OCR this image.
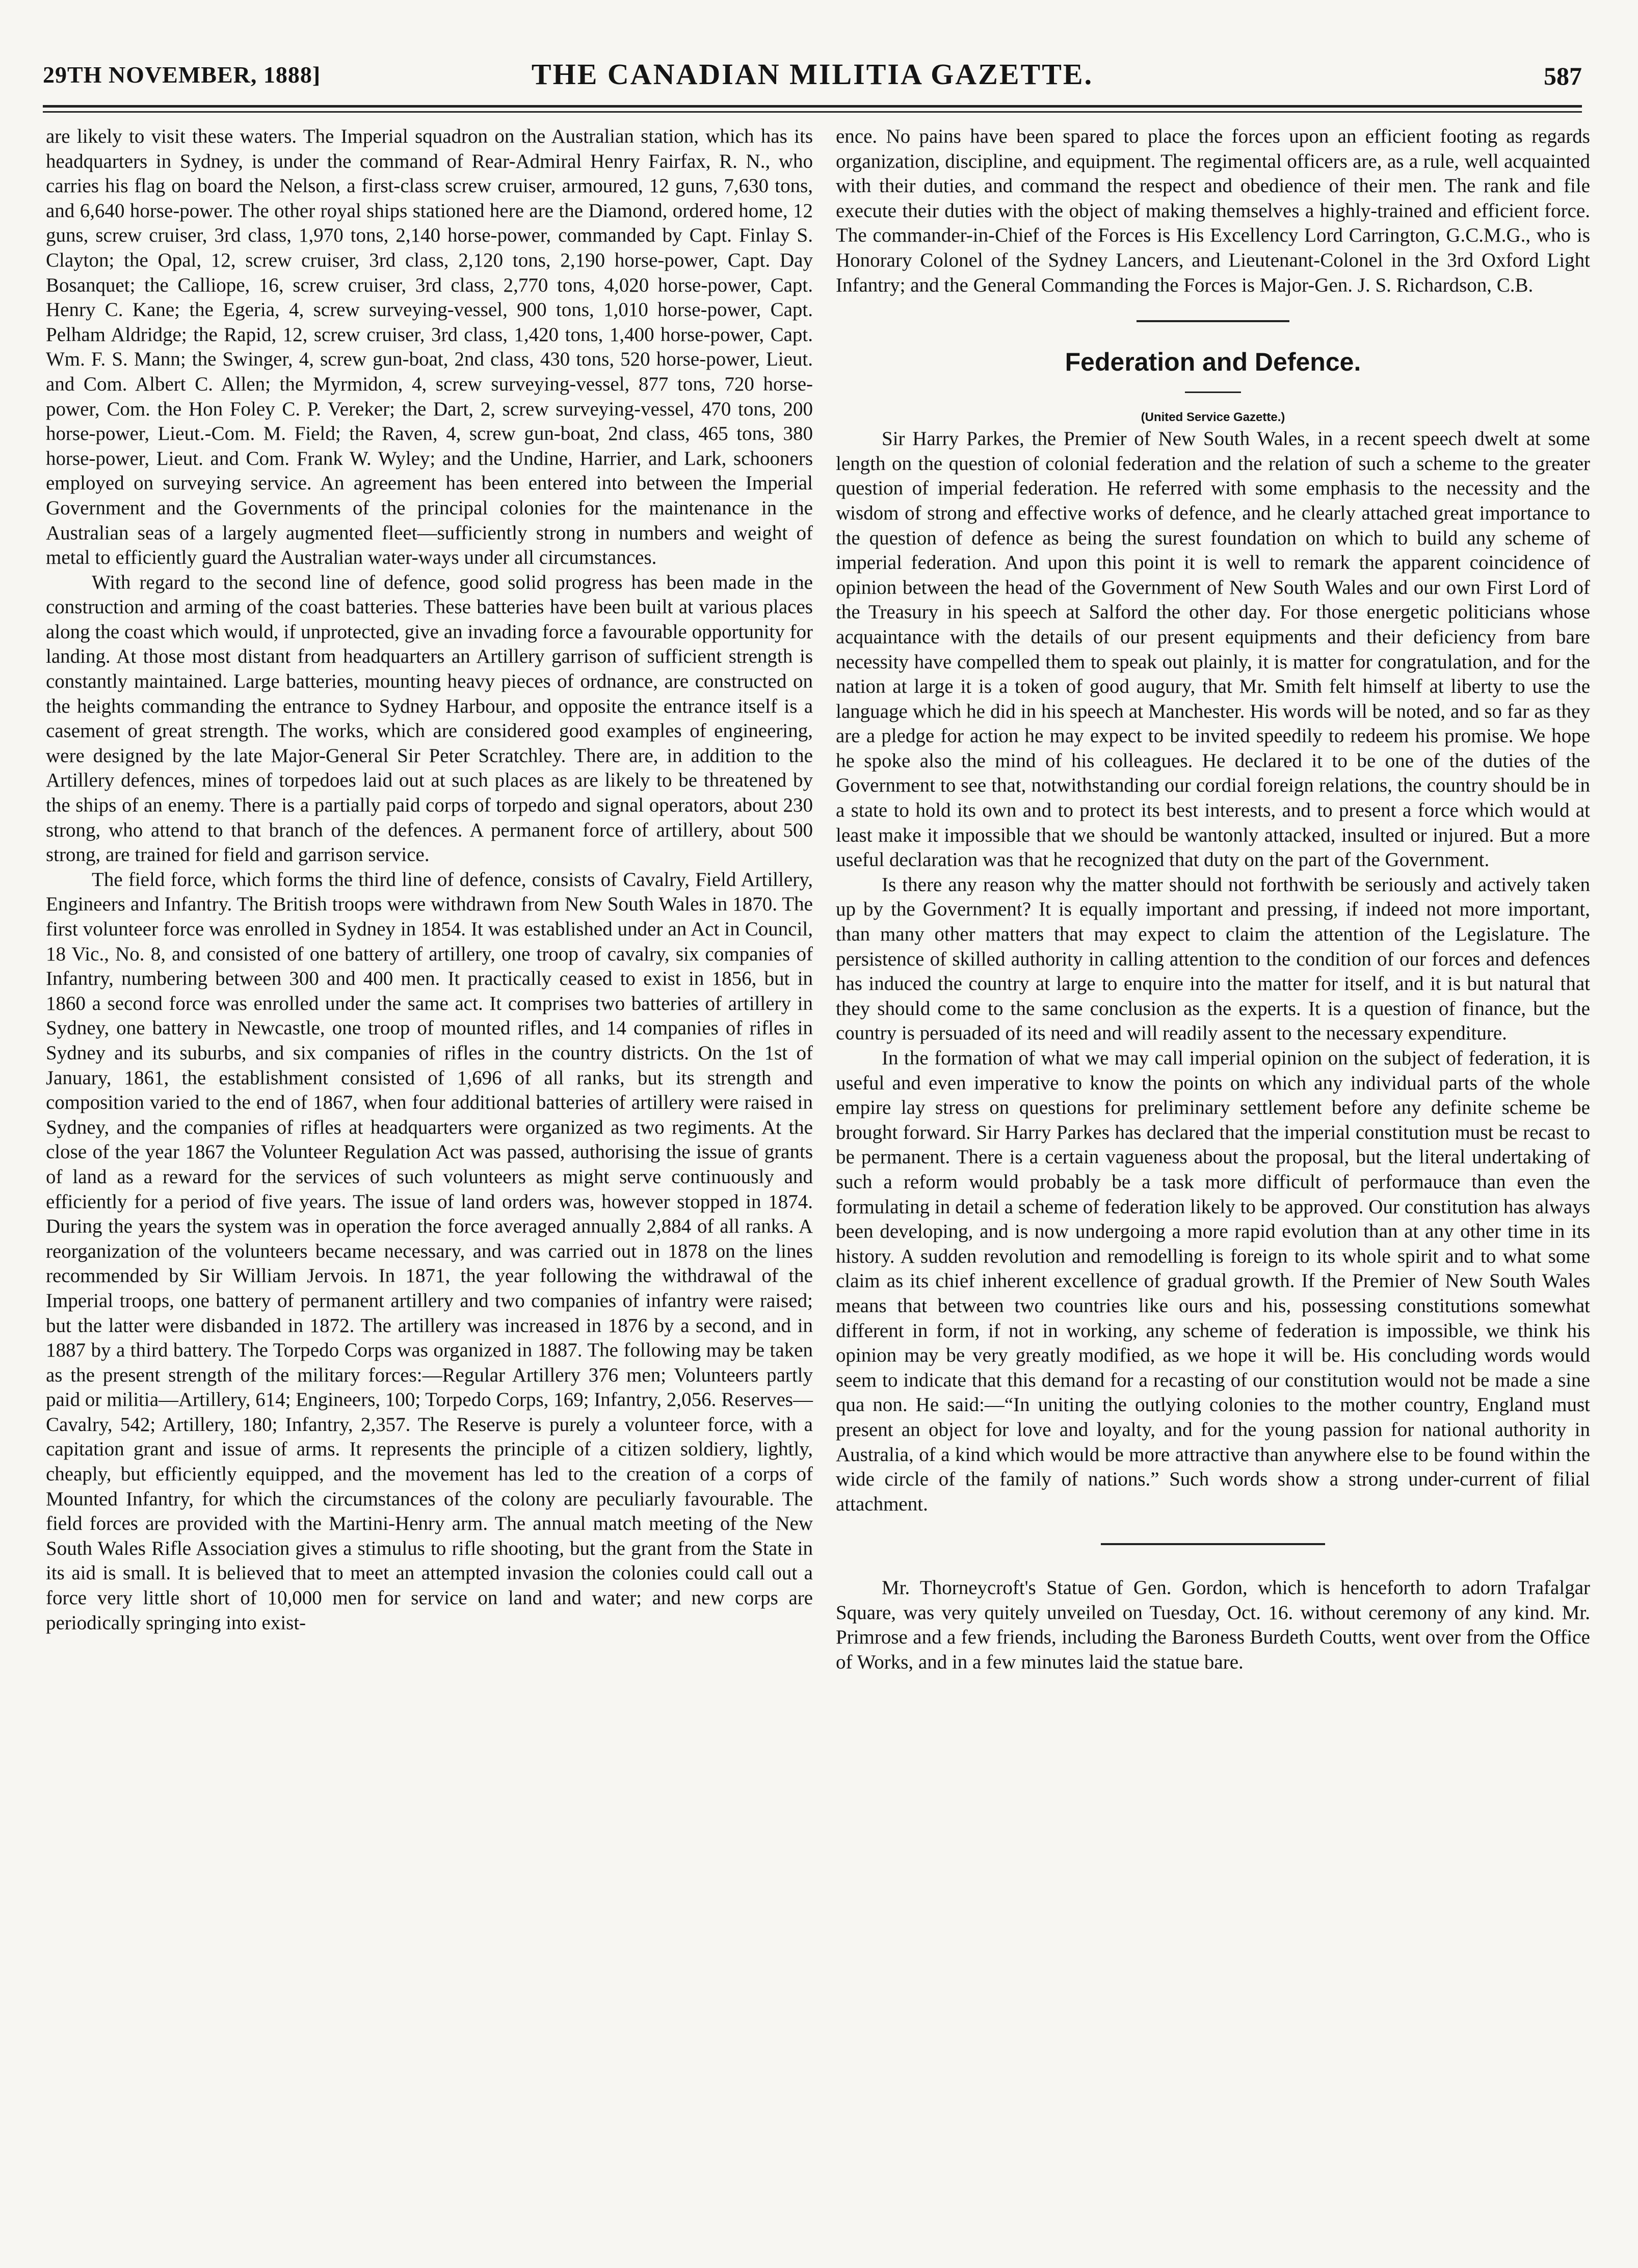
29TH NOVEMBER, 1888]	THE CANADIAN MILITIA GAZETTE.	587

are likely to visit these waters. The Imperial squadron on the Australian station, which has its headquarters in Sydney, is under the command of Rear-Admiral Henry Fairfax, R. N., who carries his flag on board the Nelson, a first-class screw cruiser, armoured, 12 guns, 7,630 tons, and 6,640 horse-power. The other royal ships stationed here are the Diamond, ordered home, 12 guns, screw cruiser, 3rd class, 1,970 tons, 2,140 horse-power, commanded by Capt. Finlay S. Clayton; the Opal, 12, screw cruiser, 3rd class, 2,120 tons, 2,190 horse-power, Capt. Day Bosanquet; the Calliope, 16, screw cruiser, 3rd class, 2,770 tons, 4,020 horse-power, Capt. Henry C. Kane; the Egeria, 4, screw surveying-vessel, 900 tons, 1,010 horse-power, Capt. Pelham Aldridge; the Rapid, 12, screw cruiser, 3rd class, 1,420 tons, 1,400 horse-power, Capt. Wm. F. S. Mann; the Swinger, 4, screw gun-boat, 2nd class, 430 tons, 520 horse-power, Lieut. and Com. Albert C. Allen; the Myrmidon, 4, screw surveying-vessel, 877 tons, 720 horse-power, Com. the Hon Foley C. P. Vereker; the Dart, 2, screw surveying-vessel, 470 tons, 200 horse-power, Lieut.-Com. M. Field; the Raven, 4, screw gun-boat, 2nd class, 465 tons, 380 horse-power, Lieut. and Com. Frank W. Wyley; and the Undine, Harrier, and Lark, schooners employed on surveying service. An agreement has been entered into between the Imperial Government and the Governments of the principal colonies for the maintenance in the Australian seas of a largely augmented fleet—sufficiently strong in numbers and weight of metal to efficiently guard the Australian water-ways under all circumstances.

With regard to the second line of defence, good solid progress has been made in the construction and arming of the coast batteries. These batteries have been built at various places along the coast which would, if unprotected, give an invading force a favourable opportunity for landing. At those most distant from headquarters an Artillery garrison of sufficient strength is constantly maintained. Large batteries, mounting heavy pieces of ordnance, are constructed on the heights commanding the entrance to Sydney Harbour, and opposite the entrance itself is a casement of great strength. The works, which are considered good examples of engineering, were designed by the late Major-General Sir Peter Scratchley. There are, in addition to the Artillery defences, mines of torpedoes laid out at such places as are likely to be threatened by the ships of an enemy. There is a partially paid corps of torpedo and signal operators, about 230 strong, who attend to that branch of the defences. A permanent force of artillery, about 500 strong, are trained for field and garrison service.

The field force, which forms the third line of defence, consists of Cavalry, Field Artillery, Engineers and Infantry. The British troops were withdrawn from New South Wales in 1870. The first volunteer force was enrolled in Sydney in 1854. It was established under an Act in Council, 18 Vic., No. 8, and consisted of one battery of artillery, one troop of cavalry, six companies of Infantry, numbering between 300 and 400 men. It practically ceased to exist in 1856, but in 1860 a second force was enrolled under the same act. It comprises two batteries of artillery in Sydney, one battery in Newcastle, one troop of mounted rifles, and 14 companies of rifles in Sydney and its suburbs, and six companies of rifles in the country districts. On the 1st of January, 1861, the establishment consisted of 1,696 of all ranks, but its strength and composition varied to the end of 1867, when four additional batteries of artillery were raised in Sydney, and the companies of rifles at headquarters were organized as two regiments. At the close of the year 1867 the Volunteer Regulation Act was passed, authorising the issue of grants of land as a reward for the services of such volunteers as might serve continuously and efficiently for a period of five years. The issue of land orders was, however stopped in 1874. During the years the system was in operation the force averaged annually 2,884 of all ranks. A reorganization of the volunteers became necessary, and was carried out in 1878 on the lines recommended by Sir William Jervois. In 1871, the year following the withdrawal of the Imperial troops, one battery of permanent artillery and two companies of infantry were raised; but the latter were disbanded in 1872. The artillery was increased in 1876 by a second, and in 1887 by a third battery. The Torpedo Corps was organized in 1887. The following may be taken as the present strength of the military forces:—Regular Artillery 376 men; Volunteers partly paid or militia—Artillery, 614; Engineers, 100; Torpedo Corps, 169; Infantry, 2,056. Reserves—Cavalry, 542; Artillery, 180; Infantry, 2,357. The Reserve is purely a volunteer force, with a capitation grant and issue of arms. It represents the principle of a citizen soldiery, lightly, cheaply, but efficiently equipped, and the movement has led to the creation of a corps of Mounted Infantry, for which the circumstances of the colony are peculiarly favourable. The field forces are provided with the Martini-Henry arm. The annual match meeting of the New South Wales Rifle Association gives a stimulus to rifle shooting, but the grant from the State in its aid is small. It is believed that to meet an attempted invasion the colonies could call out a force very little short of 10,000 men for service on land and water; and new corps are periodically springing into exist-

ence. No pains have been spared to place the forces upon an efficient footing as regards organization, discipline, and equipment. The regimental officers are, as a rule, well acquainted with their duties, and command the respect and obedience of their men. The rank and file execute their duties with the object of making themselves a highly-trained and efficient force. The commander-in-Chief of the Forces is His Excellency Lord Carrington, G.C.M.G., who is Honorary Colonel of the Sydney Lancers, and Lieutenant-Colonel in the 3rd Oxford Light Infantry; and the General Commanding the Forces is Major-Gen. J. S. Richardson, C.B.

Federation and Defence.

(United Service Gazette.)

Sir Harry Parkes, the Premier of New South Wales, in a recent speech dwelt at some length on the question of colonial federation and the relation of such a scheme to the greater question of imperial federation. He referred with some emphasis to the necessity and the wisdom of strong and effective works of defence, and he clearly attached great importance to the question of defence as being the surest foundation on which to build any scheme of imperial federation. And upon this point it is well to remark the apparent coincidence of opinion between the head of the Government of New South Wales and our own First Lord of the Treasury in his speech at Salford the other day. For those energetic politicians whose acquaintance with the details of our present equipments and their deficiency from bare necessity have compelled them to speak out plainly, it is matter for congratulation, and for the nation at large it is a token of good augury, that Mr. Smith felt himself at liberty to use the language which he did in his speech at Manchester. His words will be noted, and so far as they are a pledge for action he may expect to be invited speedily to redeem his promise. We hope he spoke also the mind of his colleagues. He declared it to be one of the duties of the Government to see that, notwithstanding our cordial foreign relations, the country should be in a state to hold its own and to protect its best interests, and to present a force which would at least make it impossible that we should be wantonly attacked, insulted or injured. But a more useful declaration was that he recognized that duty on the part of the Government.

Is there any reason why the matter should not forthwith be seriously and actively taken up by the Government? It is equally important and pressing, if indeed not more important, than many other matters that may expect to claim the attention of the Legislature. The persistence of skilled authority in calling attention to the condition of our forces and defences has induced the country at large to enquire into the matter for itself, and it is but natural that they should come to the same conclusion as the experts. It is a question of finance, but the country is persuaded of its need and will readily assent to the necessary expenditure.

In the formation of what we may call imperial opinion on the subject of federation, it is useful and even imperative to know the points on which any individual parts of the whole empire lay stress on questions for preliminary settlement before any definite scheme be brought forward. Sir Harry Parkes has declared that the imperial constitution must be recast to be permanent. There is a certain vagueness about the proposal, but the literal undertaking of such a reform would probably be a task more difficult of performauce than even the formulating in detail a scheme of federation likely to be approved. Our constitution has always been developing, and is now undergoing a more rapid evolution than at any other time in its history. A sudden revolution and remodelling is foreign to its whole spirit and to what some claim as its chief inherent excellence of gradual growth. If the Premier of New South Wales means that between two countries like ours and his, possessing constitutions somewhat different in form, if not in working, any scheme of federation is impossible, we think his opinion may be very greatly modified, as we hope it will be. His concluding words would seem to indicate that this demand for a recasting of our constitution would not be made a sine qua non. He said:—“In uniting the outlying colonies to the mother country, England must present an object for love and loyalty, and for the young passion for national authority in Australia, of a kind which would be more attractive than anywhere else to be found within the wide circle of the family of nations.” Such words show a strong under-current of filial attachment.

Mr. Thorneycroft's Statue of Gen. Gordon, which is henceforth to adorn Trafalgar Square, was very quitely unveiled on Tuesday, Oct. 16. without ceremony of any kind. Mr. Primrose and a few friends, including the Baroness Burdeth Coutts, went over from the Office of Works, and in a few minutes laid the statue bare.
